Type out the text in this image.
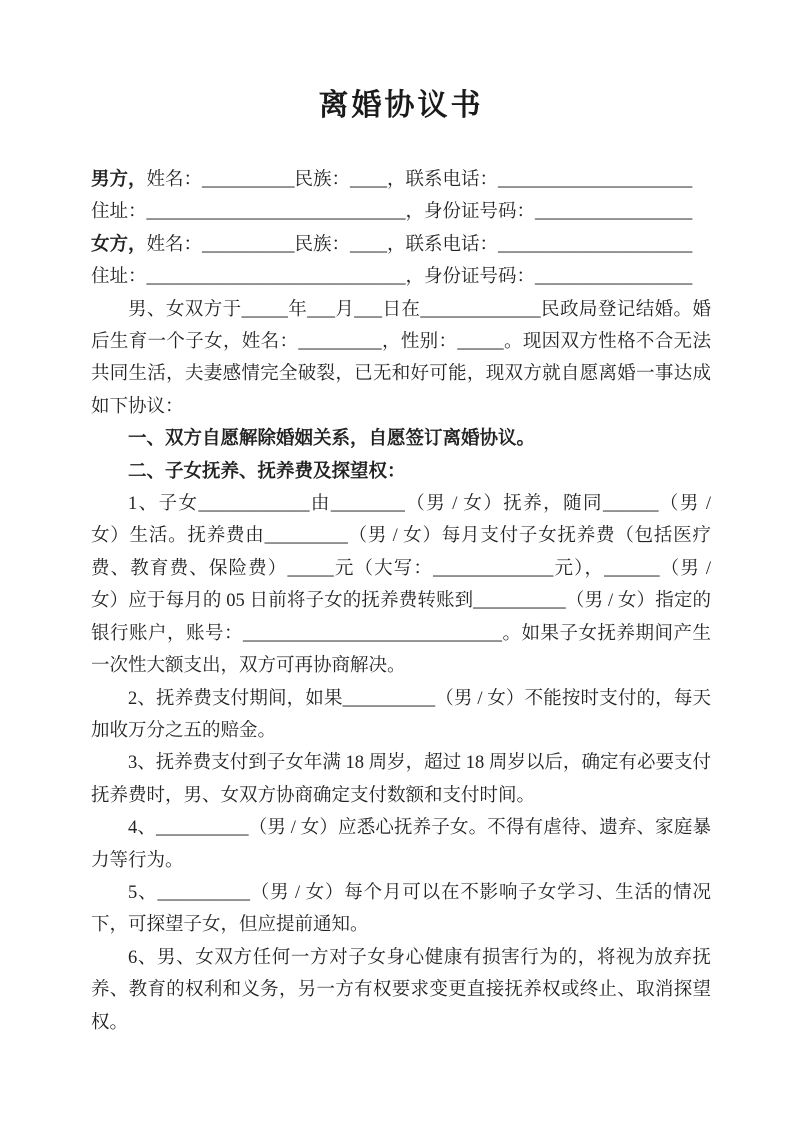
离婚协议书

男方，姓名：__________民族：____，联系电话：_____________________

住址：____________________________，身份证号码：_________________

女方，姓名：__________民族：____，联系电话：_____________________

住址：____________________________，身份证号码：_________________

男、女双方于_____年___月___日在_____________民政局登记结婚。婚后生育一个子女，姓名：_________，性别：_____。现因双方性格不合无法共同生活，夫妻感情完全破裂，已无和好可能，现双方就自愿离婚一事达成如下协议：

一、双方自愿解除婚姻关系，自愿签订离婚协议。

二、子女抚养、抚养费及探望权：

1、子女____________由________（男 / 女）抚养，随同______（男 / 女）生活。抚养费由_________（男 / 女）每月支付子女抚养费（包括医疗费、教育费、保险费）_____元（大写：_____________元），______（男 / 女）应于每月的 05 日前将子女的抚养费转账到__________（男 / 女）指定的银行账户，账号：____________________________。如果子女抚养期间产生一次性大额支出，双方可再协商解决。

2、抚养费支付期间，如果__________（男 / 女）不能按时支付的，每天加收万分之五的赔金。

3、抚养费支付到子女年满 18 周岁，超过 18 周岁以后，确定有必要支付抚养费时，男、女双方协商确定支付数额和支付时间。

4、__________（男 / 女）应悉心抚养子女。不得有虐待、遗弃、家庭暴力等行为。

5、__________（男 / 女）每个月可以在不影响子女学习、生活的情况下，可探望子女，但应提前通知。

6、男、女双方任何一方对子女身心健康有损害行为的，将视为放弃抚养、教育的权利和义务，另一方有权要求变更直接抚养权或终止、取消探望权。
